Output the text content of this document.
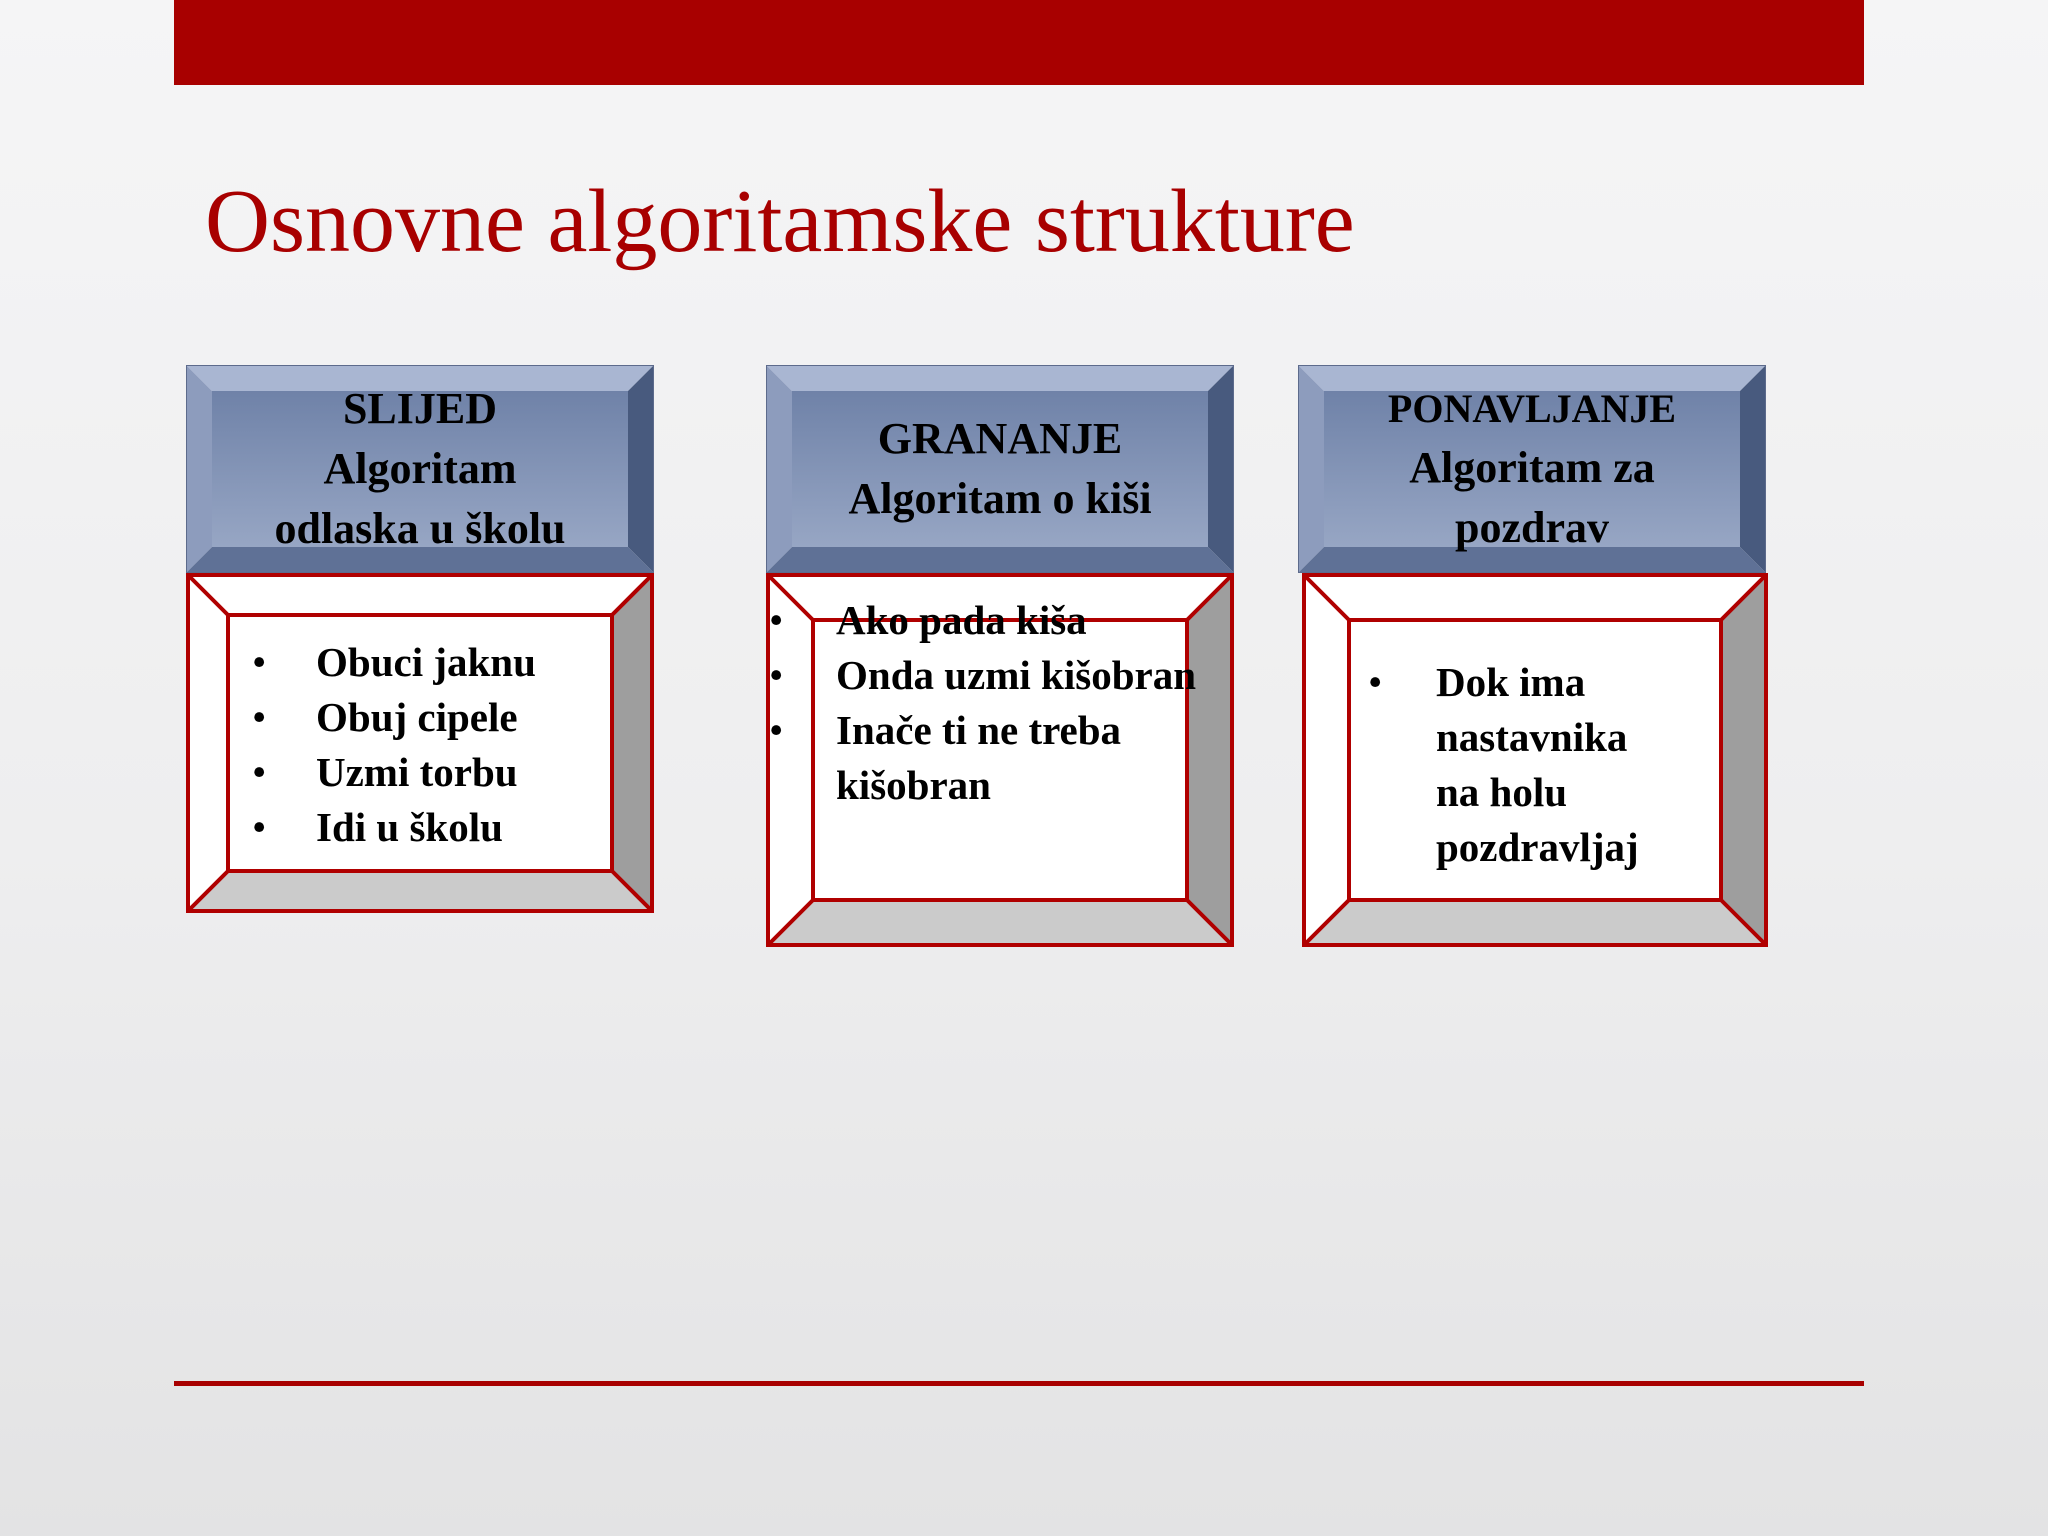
Osnovne algoritamske strukture
SLIJED
Algoritam
odlaska u školu
• Obuci jaknu
• Obuj cipele
• Uzmi torbu
• Idi u školu
GRANANJE
Algoritam o kiši
• Ako pada kiša
• Onda uzmi kišobran
• Inače ti ne treba
kišobran
PONAVLJANJE
Algoritam za
pozdrav
• Dok ima
nastavnika
na holu
pozdravljaj
